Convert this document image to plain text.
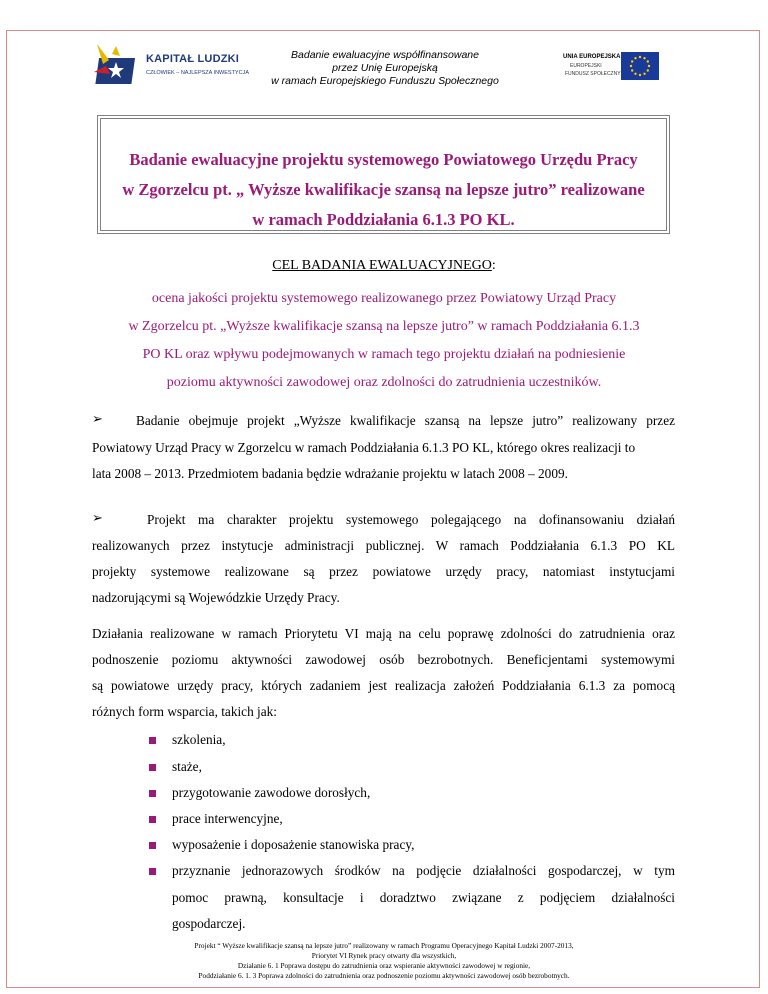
KAPITAŁ LUDZKI
CZŁOWIEK – NAJLEPSZA INWESTYCJA
Badanie ewaluacyjne współfinansowane
przez Unię Europejską
w ramach Europejskiego Funduszu Społecznego
UNIA EUROPEJSKA
EUROPEJSKI
FUNDUSZ SPOŁECZNY
Badanie ewaluacyjne projektu systemowego Powiatowego Urzędu Pracy
w Zgorzelcu pt. „ Wyższe kwalifikacje szansą na lepsze jutro” realizowane
w ramach Poddziałania 6.1.3 PO KL.
CEL BADANIA EWALUACYJNEGO:
ocena jakości projektu systemowego realizowanego przez Powiatowy Urząd Pracy
w Zgorzelcu pt. „Wyższe kwalifikacje szansą na lepsze jutro” w ramach Poddziałania 6.1.3
PO KL oraz wpływu podejmowanych w ramach tego projektu działań na podniesienie
poziomu aktywności zawodowej oraz zdolności do zatrudnienia uczestników.
➢ Badanie obejmuje projekt „Wyższe kwalifikacje szansą na lepsze jutro” realizowany przez
Powiatowy Urząd Pracy w Zgorzelcu w ramach Poddziałania 6.1.3 PO KL, którego okres realizacji to
lata 2008 – 2013. Przedmiotem badania będzie wdrażanie projektu w latach 2008 – 2009.
➢	Projekt ma charakter projektu systemowego polegającego na dofinansowaniu działań
realizowanych przez instytucje administracji publicznej. W ramach Poddziałania 6.1.3 PO KL
projekty systemowe realizowane są przez powiatowe urzędy pracy, natomiast instytucjami
nadzorującymi są Wojewódzkie Urzędy Pracy.
Działania realizowane w ramach Priorytetu VI mają na celu poprawę zdolności do zatrudnienia oraz
podnoszenie poziomu aktywności zawodowej osób bezrobotnych. Beneficjentami systemowymi
są powiatowe urzędy pracy, których zadaniem jest realizacja założeń Poddziałania 6.1.3 za pomocą
różnych form wsparcia, takich jak:
szkolenia,
staże,
przygotowanie zawodowe dorosłych,
prace interwencyjne,
wyposażenie i doposażenie stanowiska pracy,
przyznanie jednorazowych środków na podjęcie działalności gospodarczej, w tym
pomoc prawną, konsultacje i doradztwo związane z podjęciem działalności
gospodarczej.
Projekt “ Wyższe kwalifikacje szansą na lepsze jutro” realizowany w ramach Programu Operacyjnego Kapitał Ludzki 2007-2013,
Priorytet VI Rynek pracy otwarty dla wszystkich,
Działanie 6. 1 Poprawa dostępu do zatrudnienia oraz wspieranie aktywności zawodowej w regionie,
Poddziałanie 6. 1. 3 Poprawa zdolności do zatrudnienia oraz podnoszenie poziomu aktywności zawodowej osób bezrobotnych.
